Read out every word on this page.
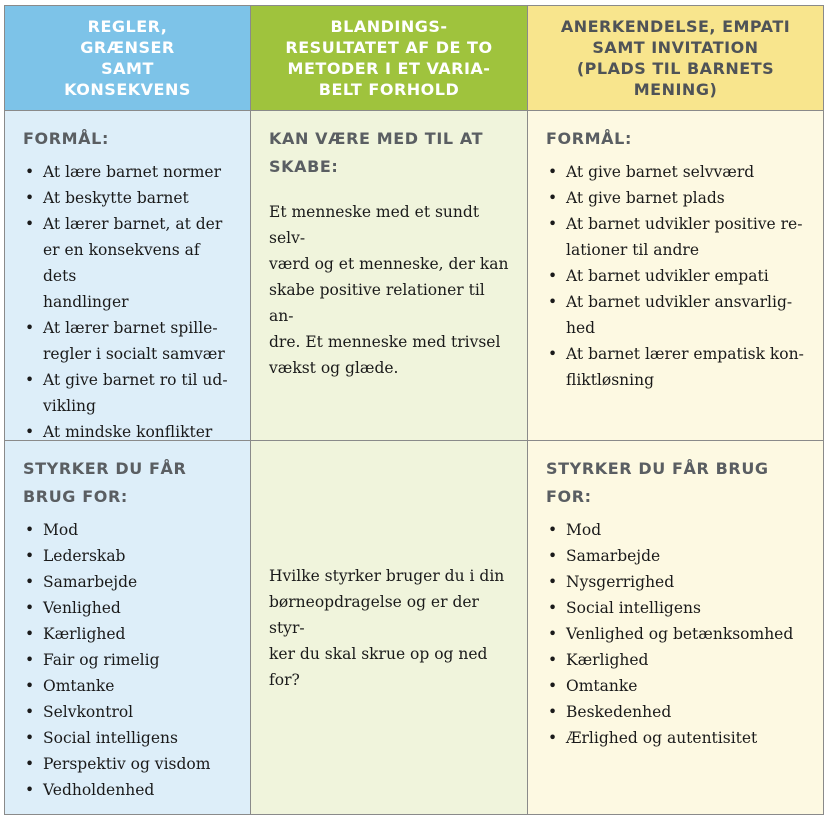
REGLER,
GRÆNSER
SAMT
KONSEKVENS
BLANDINGS-
RESULTATET AF DE TO
METODER I ET VARIA-
BELT FORHOLD
ANERKENDELSE, EMPATI
SAMT INVITATION
(PLADS TIL BARNETS
MENING)
FORMÅL:
• At lære barnet normer
• At beskytte barnet
• At lærer barnet, at der
er en konsekvens af dets
handlinger
• At lærer barnet spille-
regler i socialt samvær
• At give barnet ro til ud-
vikling
• At mindske konflikter
KAN VÆRE MED TIL AT
SKABE:

Et menneske med et sundt selv-
værd og et menneske, der kan
skabe positive relationer til an-
dre. Et menneske med trivsel
vækst og glæde.

FORMÅL:
• At give barnet selvværd
• At give barnet plads
• At barnet udvikler positive re-
lationer til andre
• At barnet udvikler empati
• At barnet udvikler ansvarlig-
hed
• At barnet lærer empatisk kon-
fliktløsning
STYRKER DU FÅR
BRUG FOR:
• Mod
• Lederskab
• Samarbejde
• Venlighed
• Kærlighed
• Fair og rimelig
• Omtanke
• Selvkontrol
• Social intelligens
• Perspektiv og visdom
• Vedholdenhed

Hvilke styrker bruger du i din
børneopdragelse og er der styr-
ker du skal skrue op og ned for?

STYRKER DU FÅR BRUG
FOR:
• Mod
• Samarbejde
• Nysgerrighed
• Social intelligens
• Venlighed og betænksomhed
• Kærlighed
• Omtanke
• Beskedenhed
• Ærlighed og autentisitet
